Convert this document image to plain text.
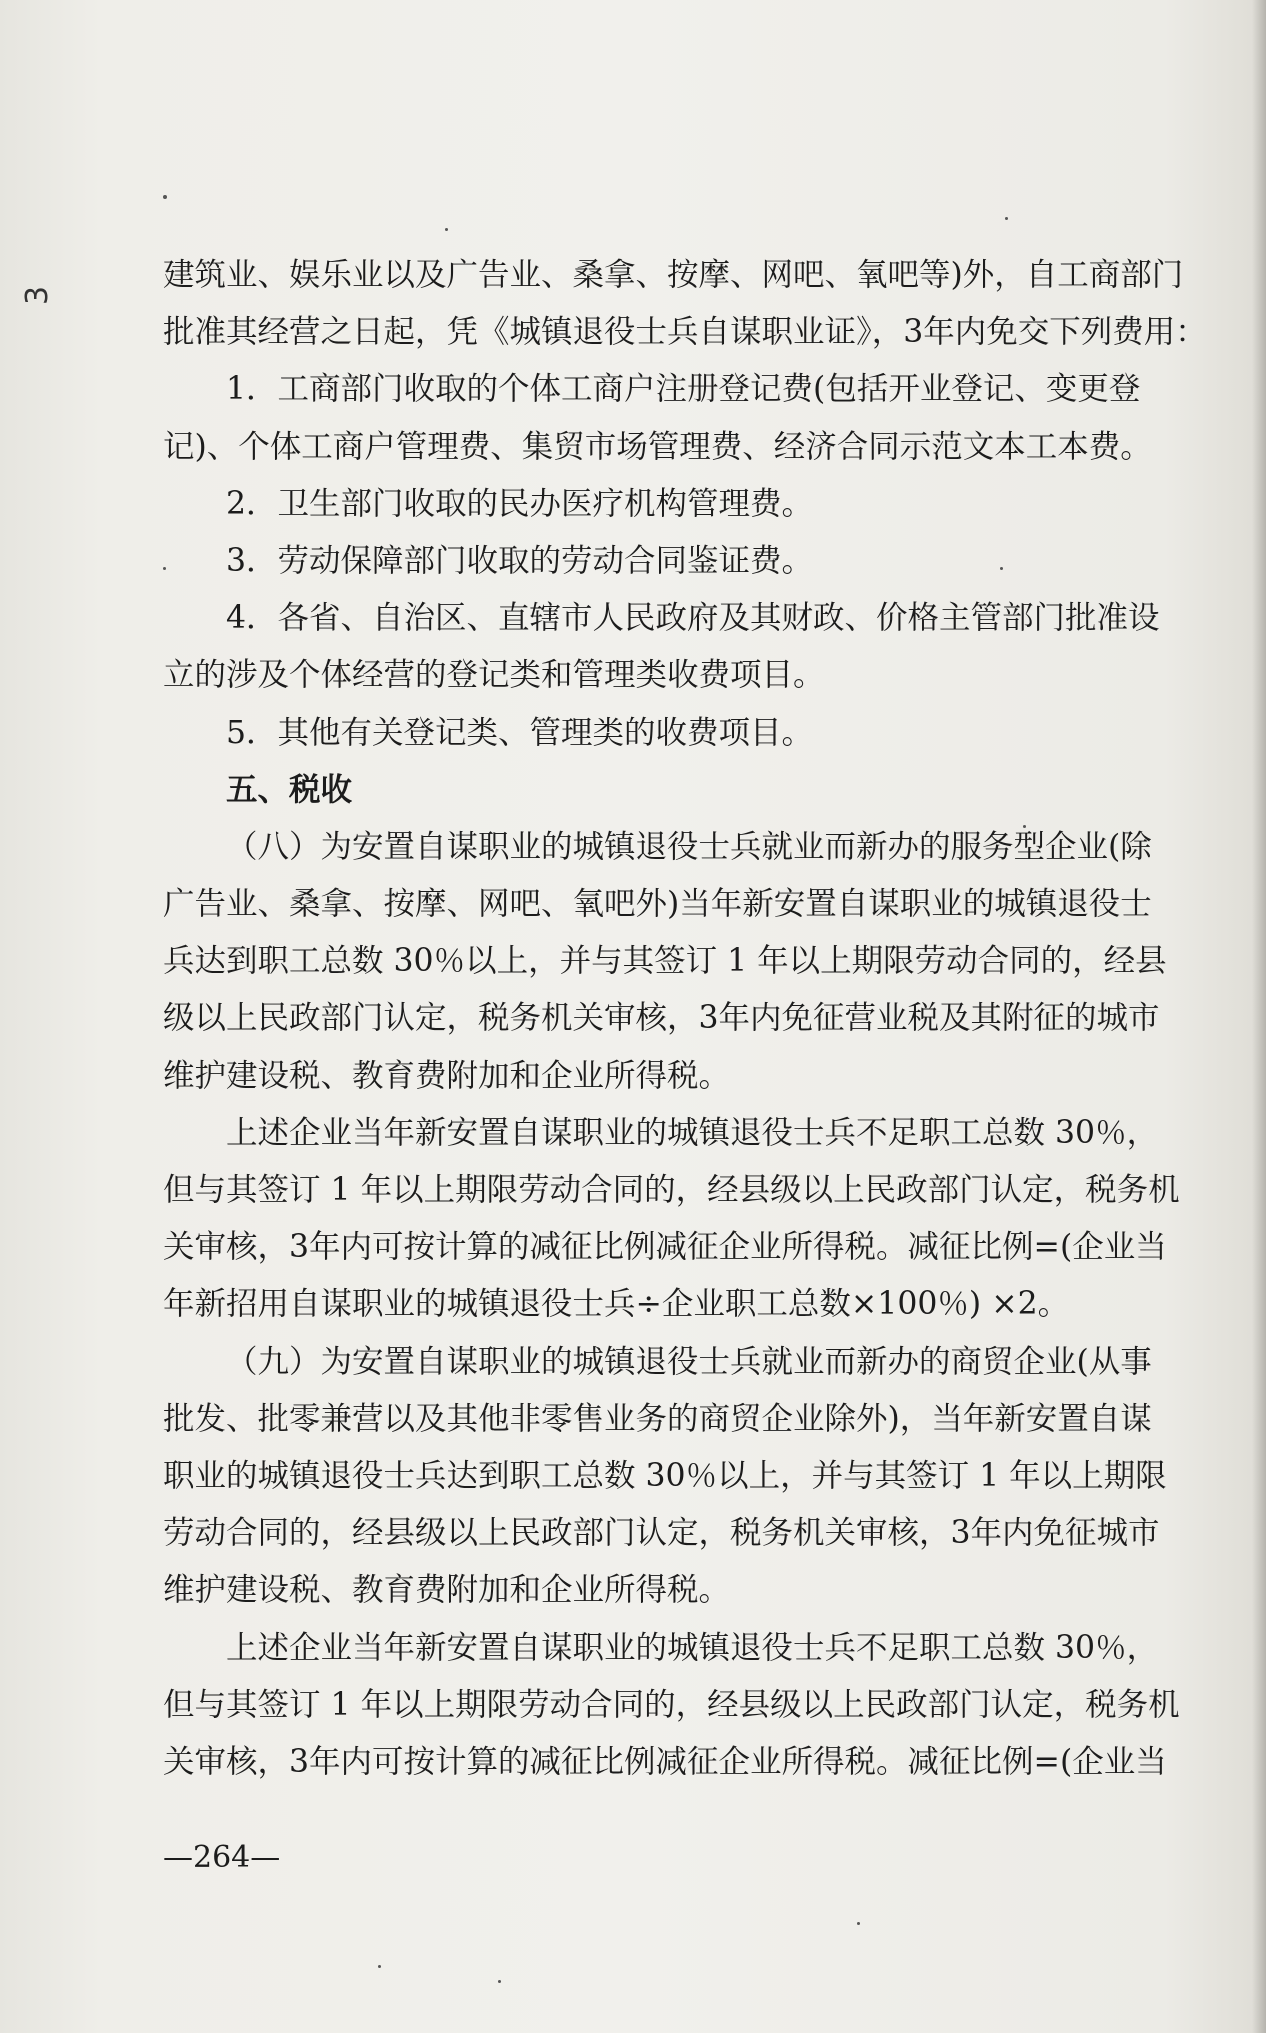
3
建筑业、娱乐业以及广告业、桑拿、按摩、网吧、氧吧等)外，自工商部门
批准其经营之日起，凭《城镇退役士兵自谋职业证》，3年内免交下列费用：
1．工商部门收取的个体工商户注册登记费(包括开业登记、变更登
记)、个体工商户管理费、集贸市场管理费、经济合同示范文本工本费。
2．卫生部门收取的民办医疗机构管理费。
3．劳动保障部门收取的劳动合同鉴证费。
4．各省、自治区、直辖市人民政府及其财政、价格主管部门批准设
立的涉及个体经营的登记类和管理类收费项目。
5．其他有关登记类、管理类的收费项目。
五、税收
（八）为安置自谋职业的城镇退役士兵就业而新办的服务型企业(除
广告业、桑拿、按摩、网吧、氧吧外)当年新安置自谋职业的城镇退役士
兵达到职工总数 30％以上，并与其签订 1 年以上期限劳动合同的，经县
级以上民政部门认定，税务机关审核，3年内免征营业税及其附征的城市
维护建设税、教育费附加和企业所得税。
上述企业当年新安置自谋职业的城镇退役士兵不足职工总数 30％，
但与其签订 1 年以上期限劳动合同的，经县级以上民政部门认定，税务机
关审核，3年内可按计算的减征比例减征企业所得税。减征比例=(企业当
年新招用自谋职业的城镇退役士兵÷企业职工总数×100％) ×2。
（九）为安置自谋职业的城镇退役士兵就业而新办的商贸企业(从事
批发、批零兼营以及其他非零售业务的商贸企业除外)，当年新安置自谋
职业的城镇退役士兵达到职工总数 30％以上，并与其签订 1 年以上期限
劳动合同的，经县级以上民政部门认定，税务机关审核，3年内免征城市
维护建设税、教育费附加和企业所得税。
上述企业当年新安置自谋职业的城镇退役士兵不足职工总数 30％，
但与其签订 1 年以上期限劳动合同的，经县级以上民政部门认定，税务机
关审核，3年内可按计算的减征比例减征企业所得税。减征比例=(企业当
—264—
